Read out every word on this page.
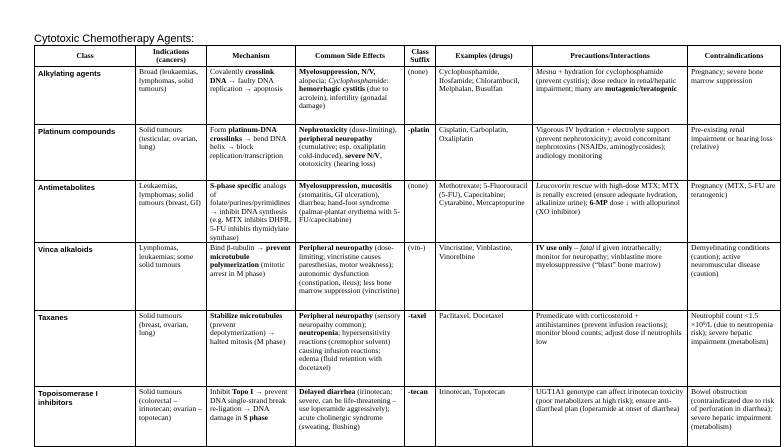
Cytotoxic Chemotherapy Agents:
Class	Indications (cancers)	Mechanism	Common Side Effects	Class Suffix	Examples (drugs)	Precautions/Interactions	Contraindications
Alkylating agents	Broad (leukaemias, lymphomas, solid tumours)	Covalently crosslink DNA → faulty DNA replication → apoptosis	Myelosuppression, N/V, alopecia; Cyclophosphamide: hemorrhagic cystitis (due to acrolein), infertility (gonadal damage)	(none)	Cyclophosphamide, Ifosfamide; Chlorambucil, Melphalan, Busulfan	Mesna + hydration for cyclophosphamide (prevent cystitis); dose reduce in renal/hepatic impairment; many are mutagenic/teratogenic	Pregnancy; severe bone marrow suppression
Platinum compounds	Solid tumours (testicular, ovarian, lung)	Form platinum-DNA crosslinks → bend DNA helix → block replication/transcription	Nephrotoxicity (dose-limiting), peripheral neuropathy (cumulative; esp. oxaliplatin cold-induced), severe N/V, ototoxicity (hearing loss)	-platin	Cisplatin, Carboplatin, Oxaliplatin	Vigorous IV hydration + electrolyte support (prevent nephrotoxicity); avoid concomitant nephrotoxins (NSAIDs, aminoglycosides); audiology monitoring	Pre-existing renal impairment or hearing loss (relative)
Antimetabolites	Leukaemias, lymphomas; solid tumours (breast, GI)	S-phase specific analogs of folate/purines/pyrimidines → inhibit DNA synthesis (e.g. MTX inhibits DHFR, 5-FU inhibits thymidylate synthase)	Myelosuppression, mucositis (stomatitis, GI ulceration), diarrhea; hand-foot syndrome (palmar-plantar erythema with 5-FU/capecitabine)	(none)	Methotrexate; 5-Fluorouracil (5-FU), Capecitabine; Cytarabine, Mercaptopurine	Leucovorin rescue with high-dose MTX; MTX is renally excreted (ensure adequate hydration, alkalinize urine); 6-MP dose ↓ with allopurinol (XO inhibitor)	Pregnancy (MTX, 5-FU are teratogenic)
Vinca alkaloids	Lymphomas, leukaemias; some solid tumours	Bind β-tubulin → prevent microtubule polymerization (mitotic arrest in M phase)	Peripheral neuropathy (dose-limiting; vincristine causes paresthesias, motor weakness); autonomic dysfunction (constipation, ileus); less bone marrow suppression (vincristine)	(vin-)	Vincristine, Vinblastine, Vinorelbine	IV use only – fatal if given intrathecally; monitor for neuropathy; vinblastine more myelosuppressive (“blast” bone marrow)	Demyelinating conditions (caution); active neuromuscular disease (caution)
Taxanes	Solid tumours (breast, ovarian, lung)	Stabilize microtubules (prevent depolymerization) → halted mitosis (M phase)	Peripheral neuropathy (sensory neuropathy common); neutropenia; hypersensitivity reactions (cremophor solvent) causing infusion reactions; edema (fluid retention with docetaxel)	-taxel	Paclitaxel, Docetaxel	Premedicate with corticosteroid + antihistamines (prevent infusion reactions); monitor blood counts; adjust dose if neutrophils low	Neutrophil count <1.5 ×10⁹/L (due to neutropenia risk); severe hepatic impairment (metabolism)
Topoisomerase I inhibitors	Solid tumours (colorectal – irinotecan; ovarian – topotecan)	Inhibit Topo I → prevent DNA single-strand break re-ligation → DNA damage in S phase	Delayed diarrhea (irinotecan; severe, can be life-threatening – use loperamide aggressively); acute cholinergic syndrome (sweating, flushing)	-tecan	Irinotecan, Topotecan	UGT1A1 genotype can affect irinotecan toxicity (poor metabolizers at high risk); ensure anti-diarrheal plan (loperamide at onset of diarrhea)	Bowel obstruction (contraindicated due to risk of perforation in diarrhea); severe hepatic impairment (metabolism)
